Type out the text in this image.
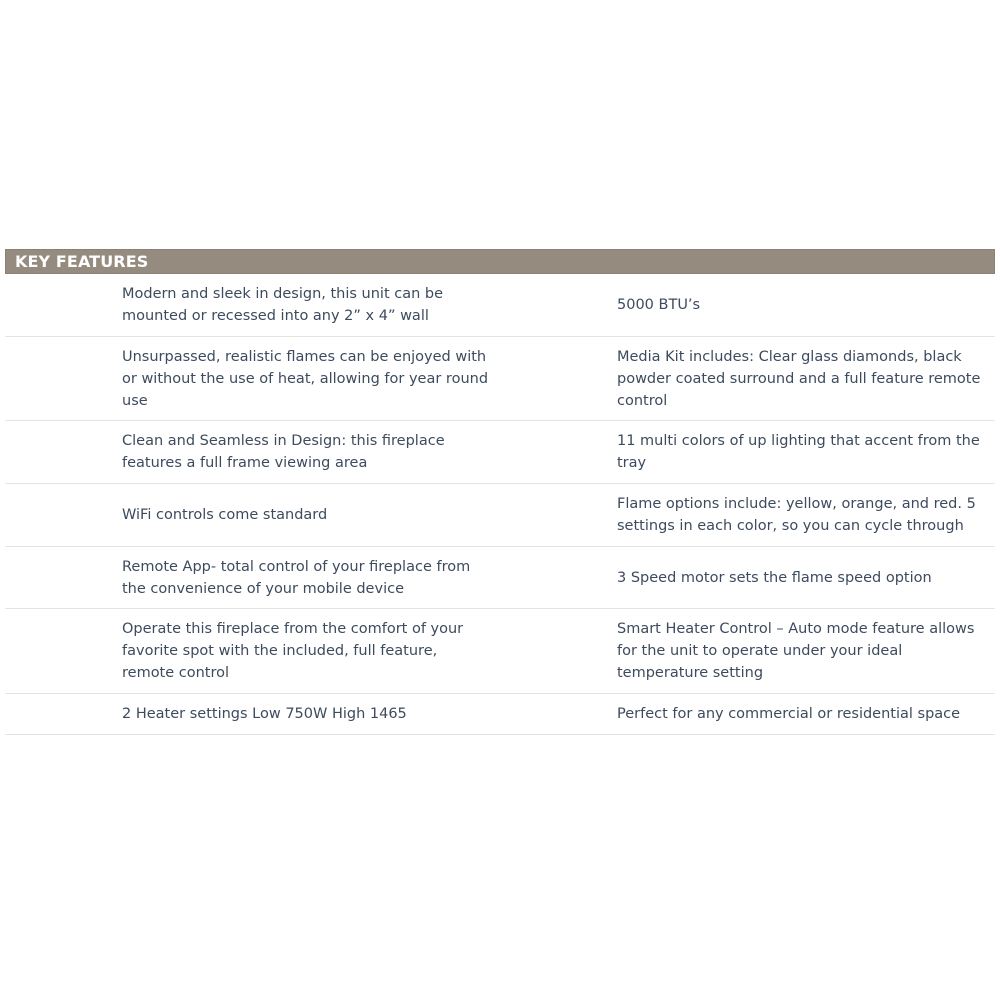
KEY FEATURES
Modern and sleek in design, this unit can be mounted or recessed into any 2” x 4” wall
5000 BTU’s
Unsurpassed, realistic flames can be enjoyed with or without the use of heat, allowing for year round use
Media Kit includes: Clear glass diamonds, black powder coated surround and a full feature remote control
Clean and Seamless in Design: this fireplace features a full frame viewing area
11 multi colors of up lighting that accent from the tray
WiFi controls come standard
Flame options include: yellow, orange, and red. 5 settings in each color, so you can cycle through
Remote App- total control of your fireplace from the convenience of your mobile device
3 Speed motor sets the flame speed option
Operate this fireplace from the comfort of your favorite spot with the included, full feature, remote control
Smart Heater Control – Auto mode feature allows for the unit to operate under your ideal temperature setting
2 Heater settings Low 750W High 1465	Perfect for any commercial or residential space
